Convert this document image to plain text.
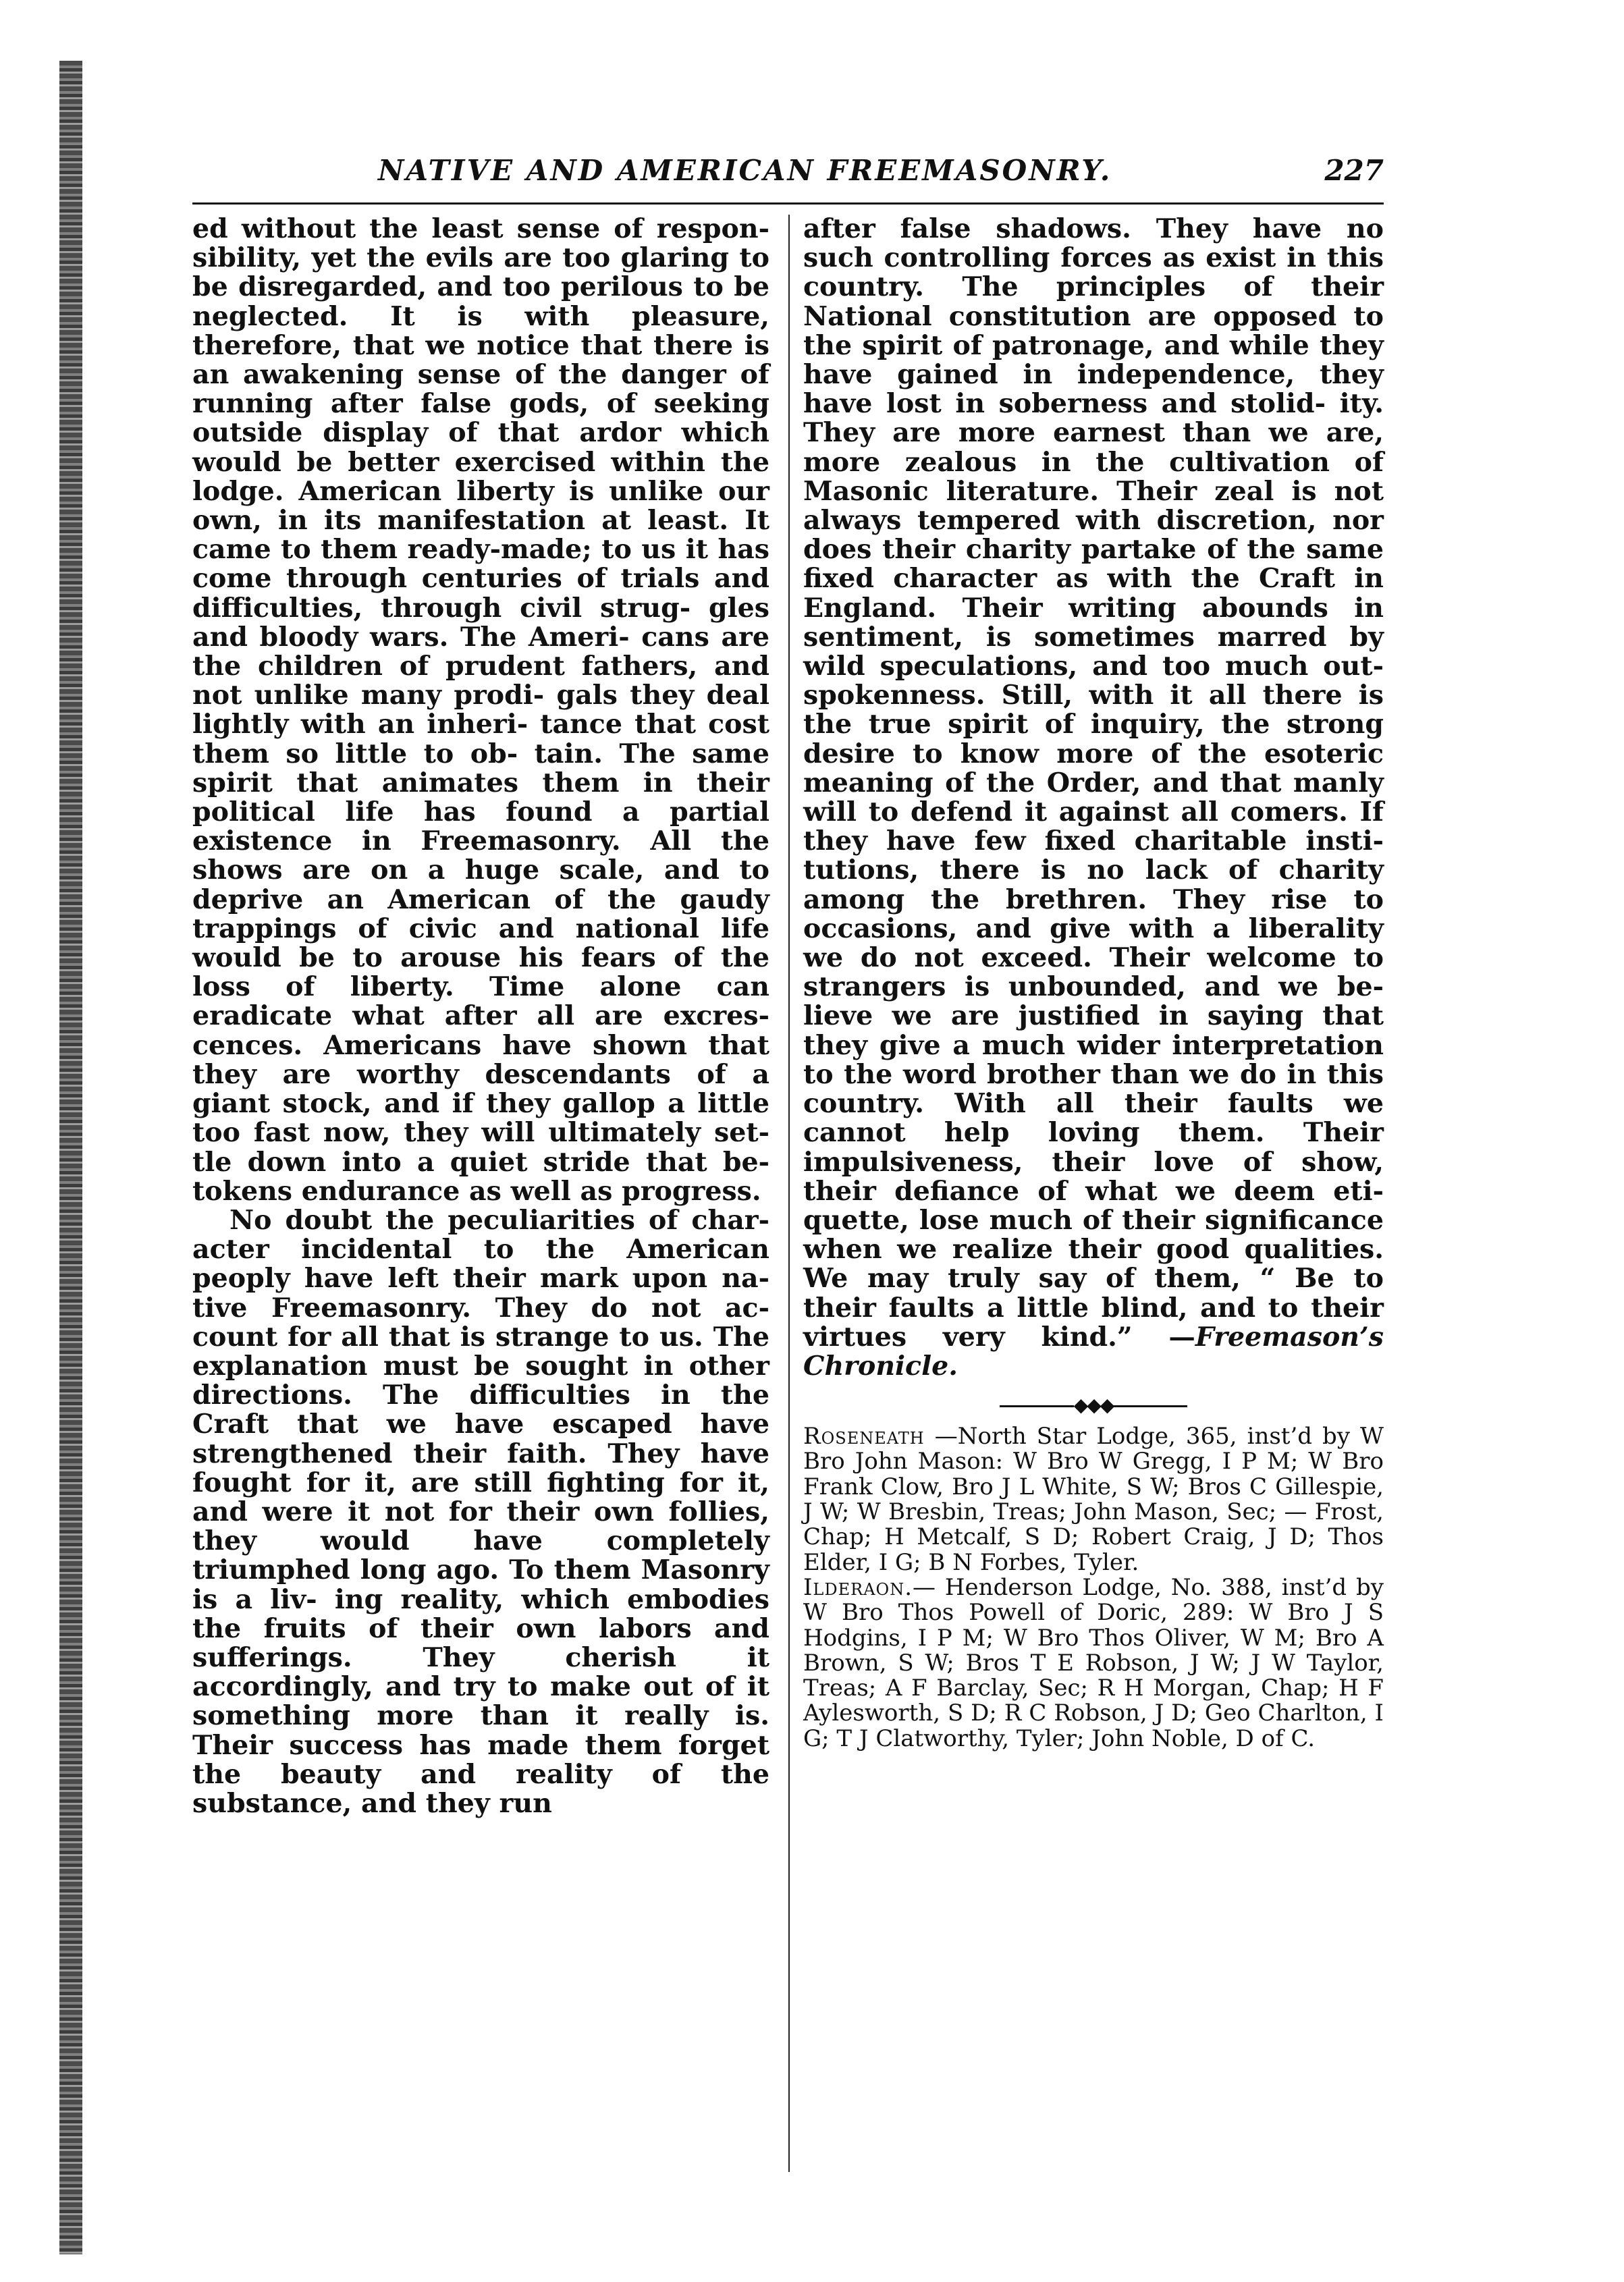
NATIVE AND AMERICAN FREEMASONRY.	227

ed without the least sense of respon- sibility, yet the evils are too glaring to be disregarded, and too perilous to be neglected. It is with pleasure, therefore, that we notice that there is an awakening sense of the danger of running after false gods, of seeking outside display of that ardor which would be better exercised within the lodge. American liberty is unlike our own, in its manifestation at least. It came to them ready-made; to us it has come through centuries of trials and difficulties, through civil strug- gles and bloody wars. The Ameri- cans are the children of prudent fathers, and not unlike many prodi- gals they deal lightly with an inheri- tance that cost them so little to ob- tain. The same spirit that animates them in their political life has found a partial existence in Freemasonry. All the shows are on a huge scale, and to deprive an American of the gaudy trappings of civic and national life would be to arouse his fears of the loss of liberty. Time alone can eradicate what after all are excres- cences. Americans have shown that they are worthy descendants of a giant stock, and if they gallop a little too fast now, they will ultimately set- tle down into a quiet stride that be- tokens endurance as well as progress.

No doubt the peculiarities of char- acter incidental to the American peoply have left their mark upon na- tive Freemasonry. They do not ac- count for all that is strange to us. The explanation must be sought in other directions. The difficulties in the Craft that we have escaped have strengthened their faith. They have fought for it, are still fighting for it, and were it not for their own follies, they would have completely triumphed long ago. To them Masonry is a liv- ing reality, which embodies the fruits of their own labors and sufferings. They cherish it accordingly, and try to make out of it something more than it really is. Their success has made them forget the beauty and reality of the substance, and they run

after false shadows. They have no such controlling forces as exist in this country. The principles of their National constitution are opposed to the spirit of patronage, and while they have gained in independence, they have lost in soberness and stolid- ity. They are more earnest than we are, more zealous in the cultivation of Masonic literature. Their zeal is not always tempered with discretion, nor does their charity partake of the same fixed character as with the Craft in England. Their writing abounds in sentiment, is sometimes marred by wild speculations, and too much out- spokenness. Still, with it all there is the true spirit of inquiry, the strong desire to know more of the esoteric meaning of the Order, and that manly will to defend it against all comers. If they have few fixed charitable insti- tutions, there is no lack of charity among the brethren. They rise to occasions, and give with a liberality we do not exceed. Their welcome to strangers is unbounded, and we be- lieve we are justified in saying that they give a much wider interpretation to the word brother than we do in this country. With all their faults we cannot help loving them. Their impulsiveness, their love of show, their defiance of what we deem eti- quette, lose much of their significance when we realize their good qualities. We may truly say of them, “ Be to their faults a little blind, and to their virtues very kind.” —Freemason’s Chronicle.

◆◆◆

Roseneath —North Star Lodge, 365, inst’d by W Bro John Mason: W Bro W Gregg, I P M; W Bro Frank Clow, Bro J L White, S W; Bros C Gillespie, J W; W Bresbin, Treas; John Mason, Sec; — Frost, Chap; H Metcalf, S D; Robert Craig, J D; Thos Elder, I G; B N Forbes, Tyler.

Ilderaon.— Henderson Lodge, No. 388, inst’d by W Bro Thos Powell of Doric, 289: W Bro J S Hodgins, I P M; W Bro Thos Oliver, W M; Bro A Brown, S W; Bros T E Robson, J W; J W Taylor, Treas; A F Barclay, Sec; R H Morgan, Chap; H F Aylesworth, S D; R C Robson, J D; Geo Charlton, I G; T J Clatworthy, Tyler; John Noble, D of C.
